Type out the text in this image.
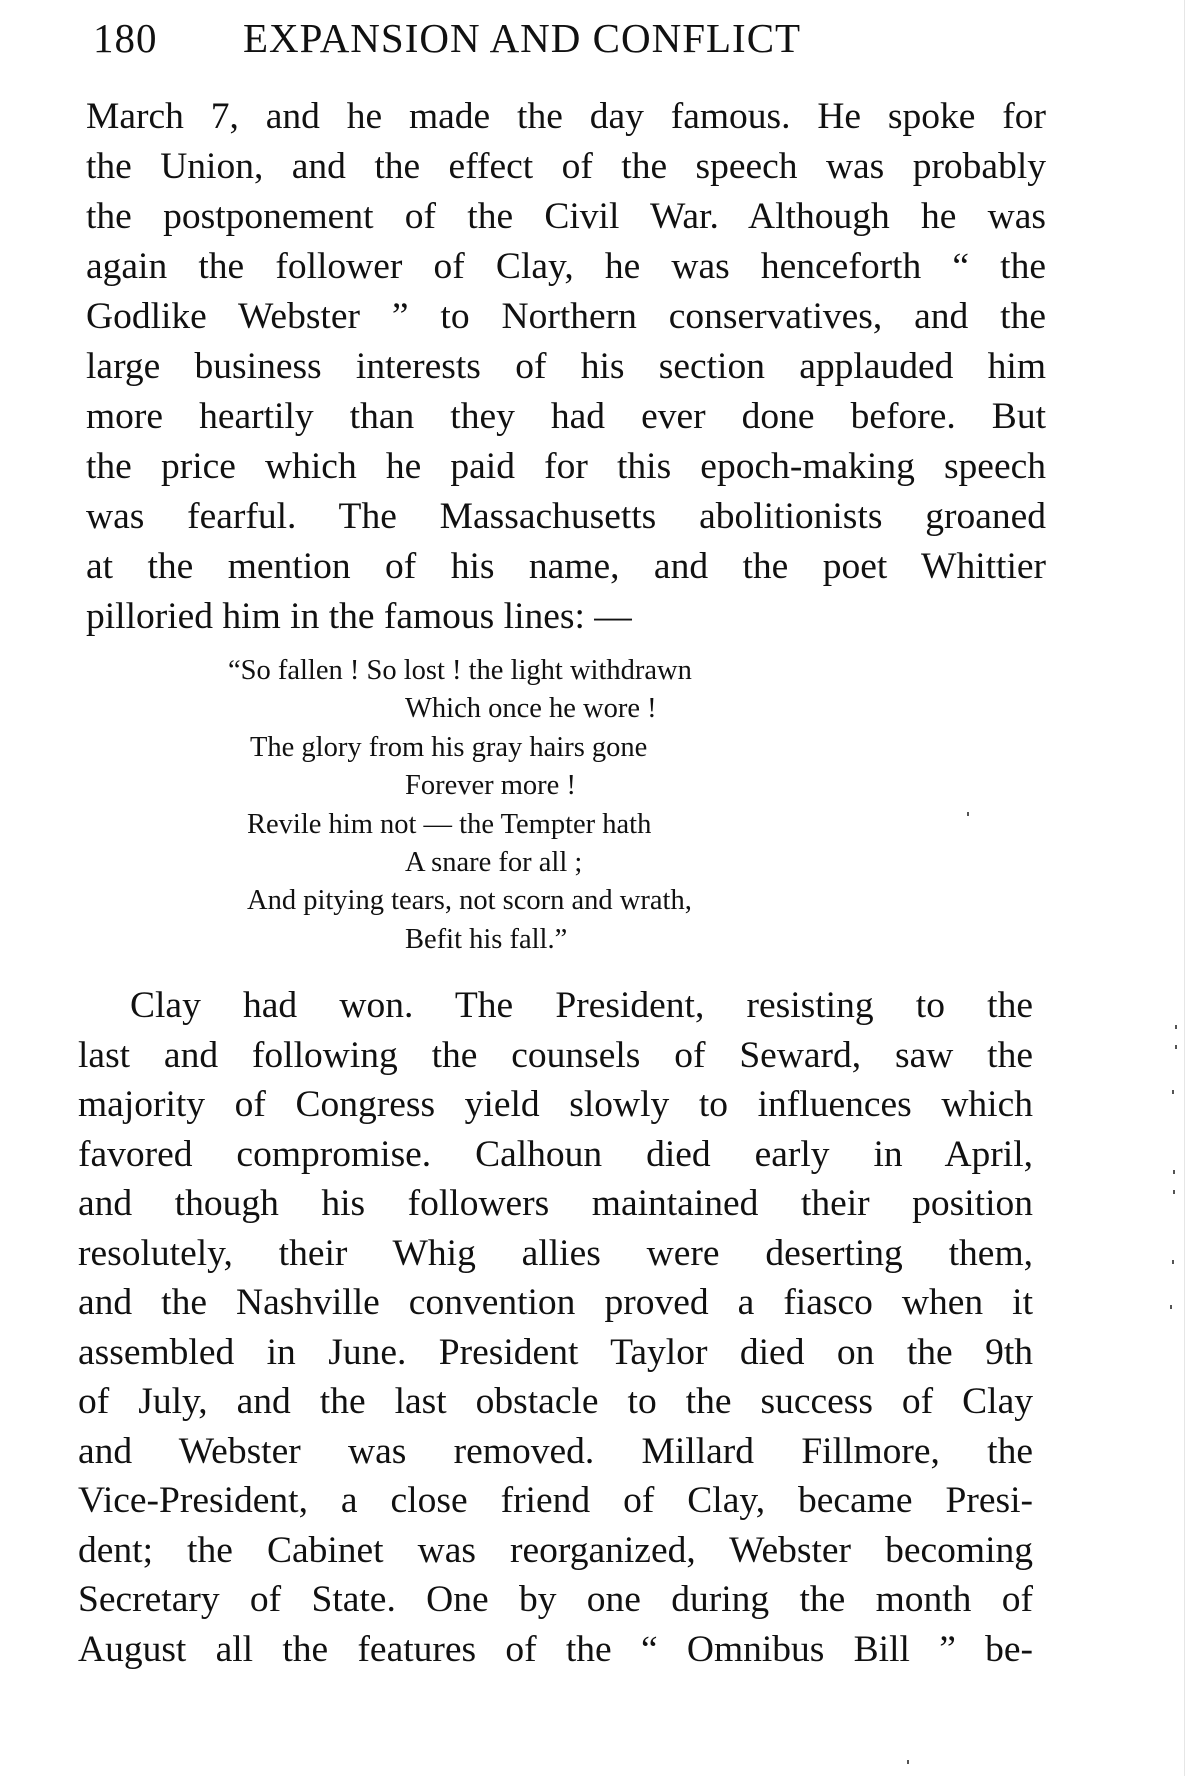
180 EXPANSION AND CONFLICT
March 7, and he made the day famous. He spoke for
the Union, and the effect of the speech was probably
the postponement of the Civil War. Although he was
again the follower of Clay, he was henceforth “ the
Godlike Webster ” to Northern conservatives, and the
large business interests of his section applauded him
more heartily than they had ever done before. But
the price which he paid for this epoch-making speech
was fearful. The Massachusetts abolitionists groaned
at the mention of his name, and the poet Whittier
pilloried him in the famous lines: —
“So fallen ! So lost ! the light withdrawn
Which once he wore !
The glory from his gray hairs gone
Forever more !
Revile him not — the Tempter hath
A snare for all ;
And pitying tears, not scorn and wrath,
Befit his fall.”
Clay had won. The President, resisting to the
last and following the counsels of Seward, saw the
majority of Congress yield slowly to influences which
favored compromise. Calhoun died early in April,
and though his followers maintained their position
resolutely, their Whig allies were deserting them,
and the Nashville convention proved a fiasco when it
assembled in June. President Taylor died on the 9th
of July, and the last obstacle to the success of Clay
and Webster was removed. Millard Fillmore, the
Vice-President, a close friend of Clay, became Presi-
dent; the Cabinet was reorganized, Webster becoming
Secretary of State. One by one during the month of
August all the features of the “ Omnibus Bill ” be-
